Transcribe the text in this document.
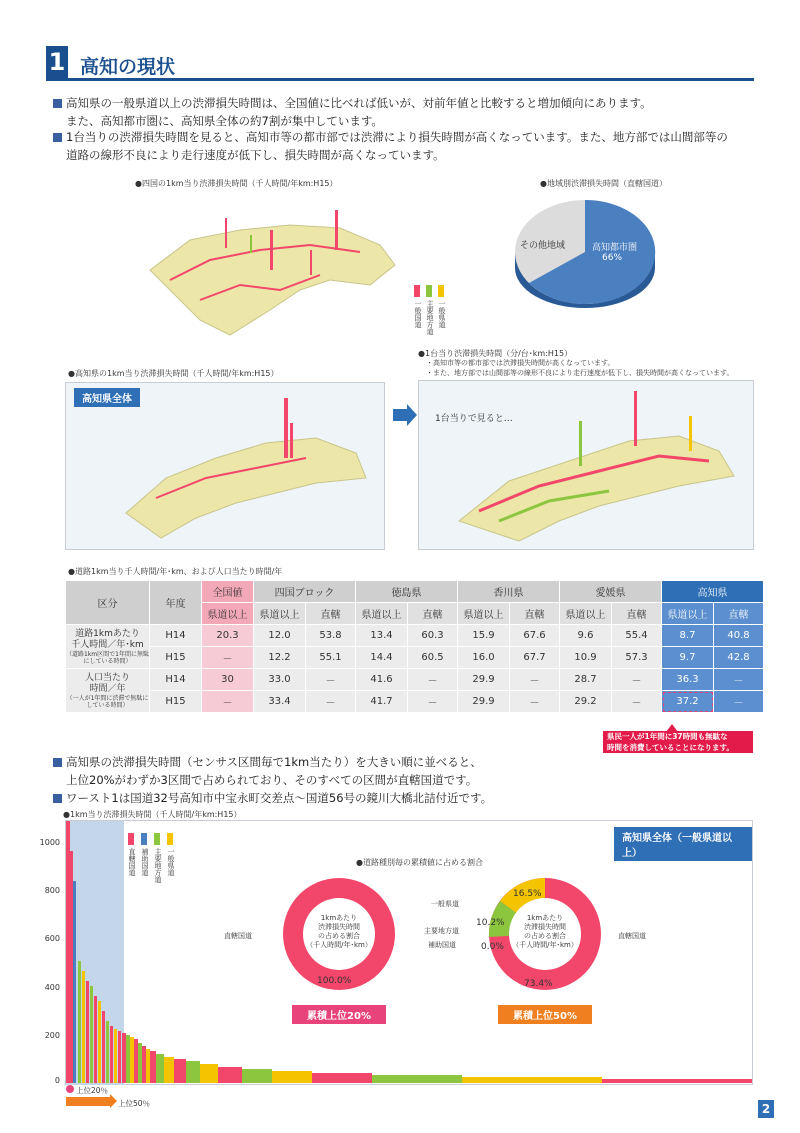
1 高知の現状
高知県の一般県道以上の渋滞損失時間は、全国値に比べれば低いが、対前年値と比較すると増加傾向にあります。
また、高知都市圏に、高知県全体の約7割が集中しています。
1台当りの渋滞損失時間を見ると、高知市等の都市部では渋滞により損失時間が高くなっています。また、地方部では山間部等の
道路の線形不良により走行速度が低下し、損失時間が高くなっています。
●四国の1km当り渋滞損失時間（千人時間/年km:H15）
一般国道 主要地方道 一般県道
●地域別渋滞損失時間（直轄国道）
その他地域	高知都市圏
66%
●高知県の1km当り渋滞損失時間（千人時間/年km:H15）
高知県全体
●1台当り渋滞損失時間（分/台･km:H15）
・高知市等の都市部では渋滞損失時間が高くなっています。
・また、地方部では山間部等の線形不良により走行速度が低下し、損失時間が高くなっています。
1台当りで見ると…
●道路1km当り千人時間/年･km、および人口当たり時間/年
区分	年度	全国値	四国ブロック		徳島県		香川県		愛媛県		高知県	
		県道以上	県道以上	直轄	県道以上	直轄	県道以上	直轄	県道以上	直轄	県道以上	直轄

道路1kmあたり
千人時間／年･km
（道路1km区間で1年間に無駄にしている時間）	H14	20.3	12.0	53.8	13.4	60.3	15.9	67.6	9.6	55.4	8.7	40.8
	H15	－	12.2	55.1	14.4	60.5	16.0	67.7	10.9	57.3	9.7	42.8

人口当たり
時間／年
（一人が1年間に渋滞で無駄にしている時間）	H14	30	33.0	－	41.6	－	29.9	－	28.7	－	36.3	－
	H15	－	33.4	－	41.7	－	29.9	－	29.2	－	37.2	－
県民一人が1年間に37時間も無駄な
時間を消費していることになります。
高知県の渋滞損失時間（センサス区間毎で1km当たり）を大きい順に並べると、
上位20%がわずか3区間で占められており、そのすべての区間が直轄国道です。
ワースト1は国道32号高知市中宝永町交差点～国道56号の鏡川大橋北詰付近です。
●1km当り渋滞損失時間（千人時間/年km:H15）
直轄国道 補助国道 主要地方道 一般県道
高知県全体（一般県道以上）
●道路種別毎の累積値に占める割合
1kmあたり
渋滞損失時間
の占める割合
（千人時間/年･km）
直轄国道
100.0%
累積上位20%
1kmあたり
渋滞損失時間
の占める割合
（千人時間/年･km）
一般県道
16.5%
主要地方道
10.2%
補助国道	0.0%
直轄国道
73.4%
累積上位50%
1000
800
600
400
200
0
上位20％
上位50％	2
